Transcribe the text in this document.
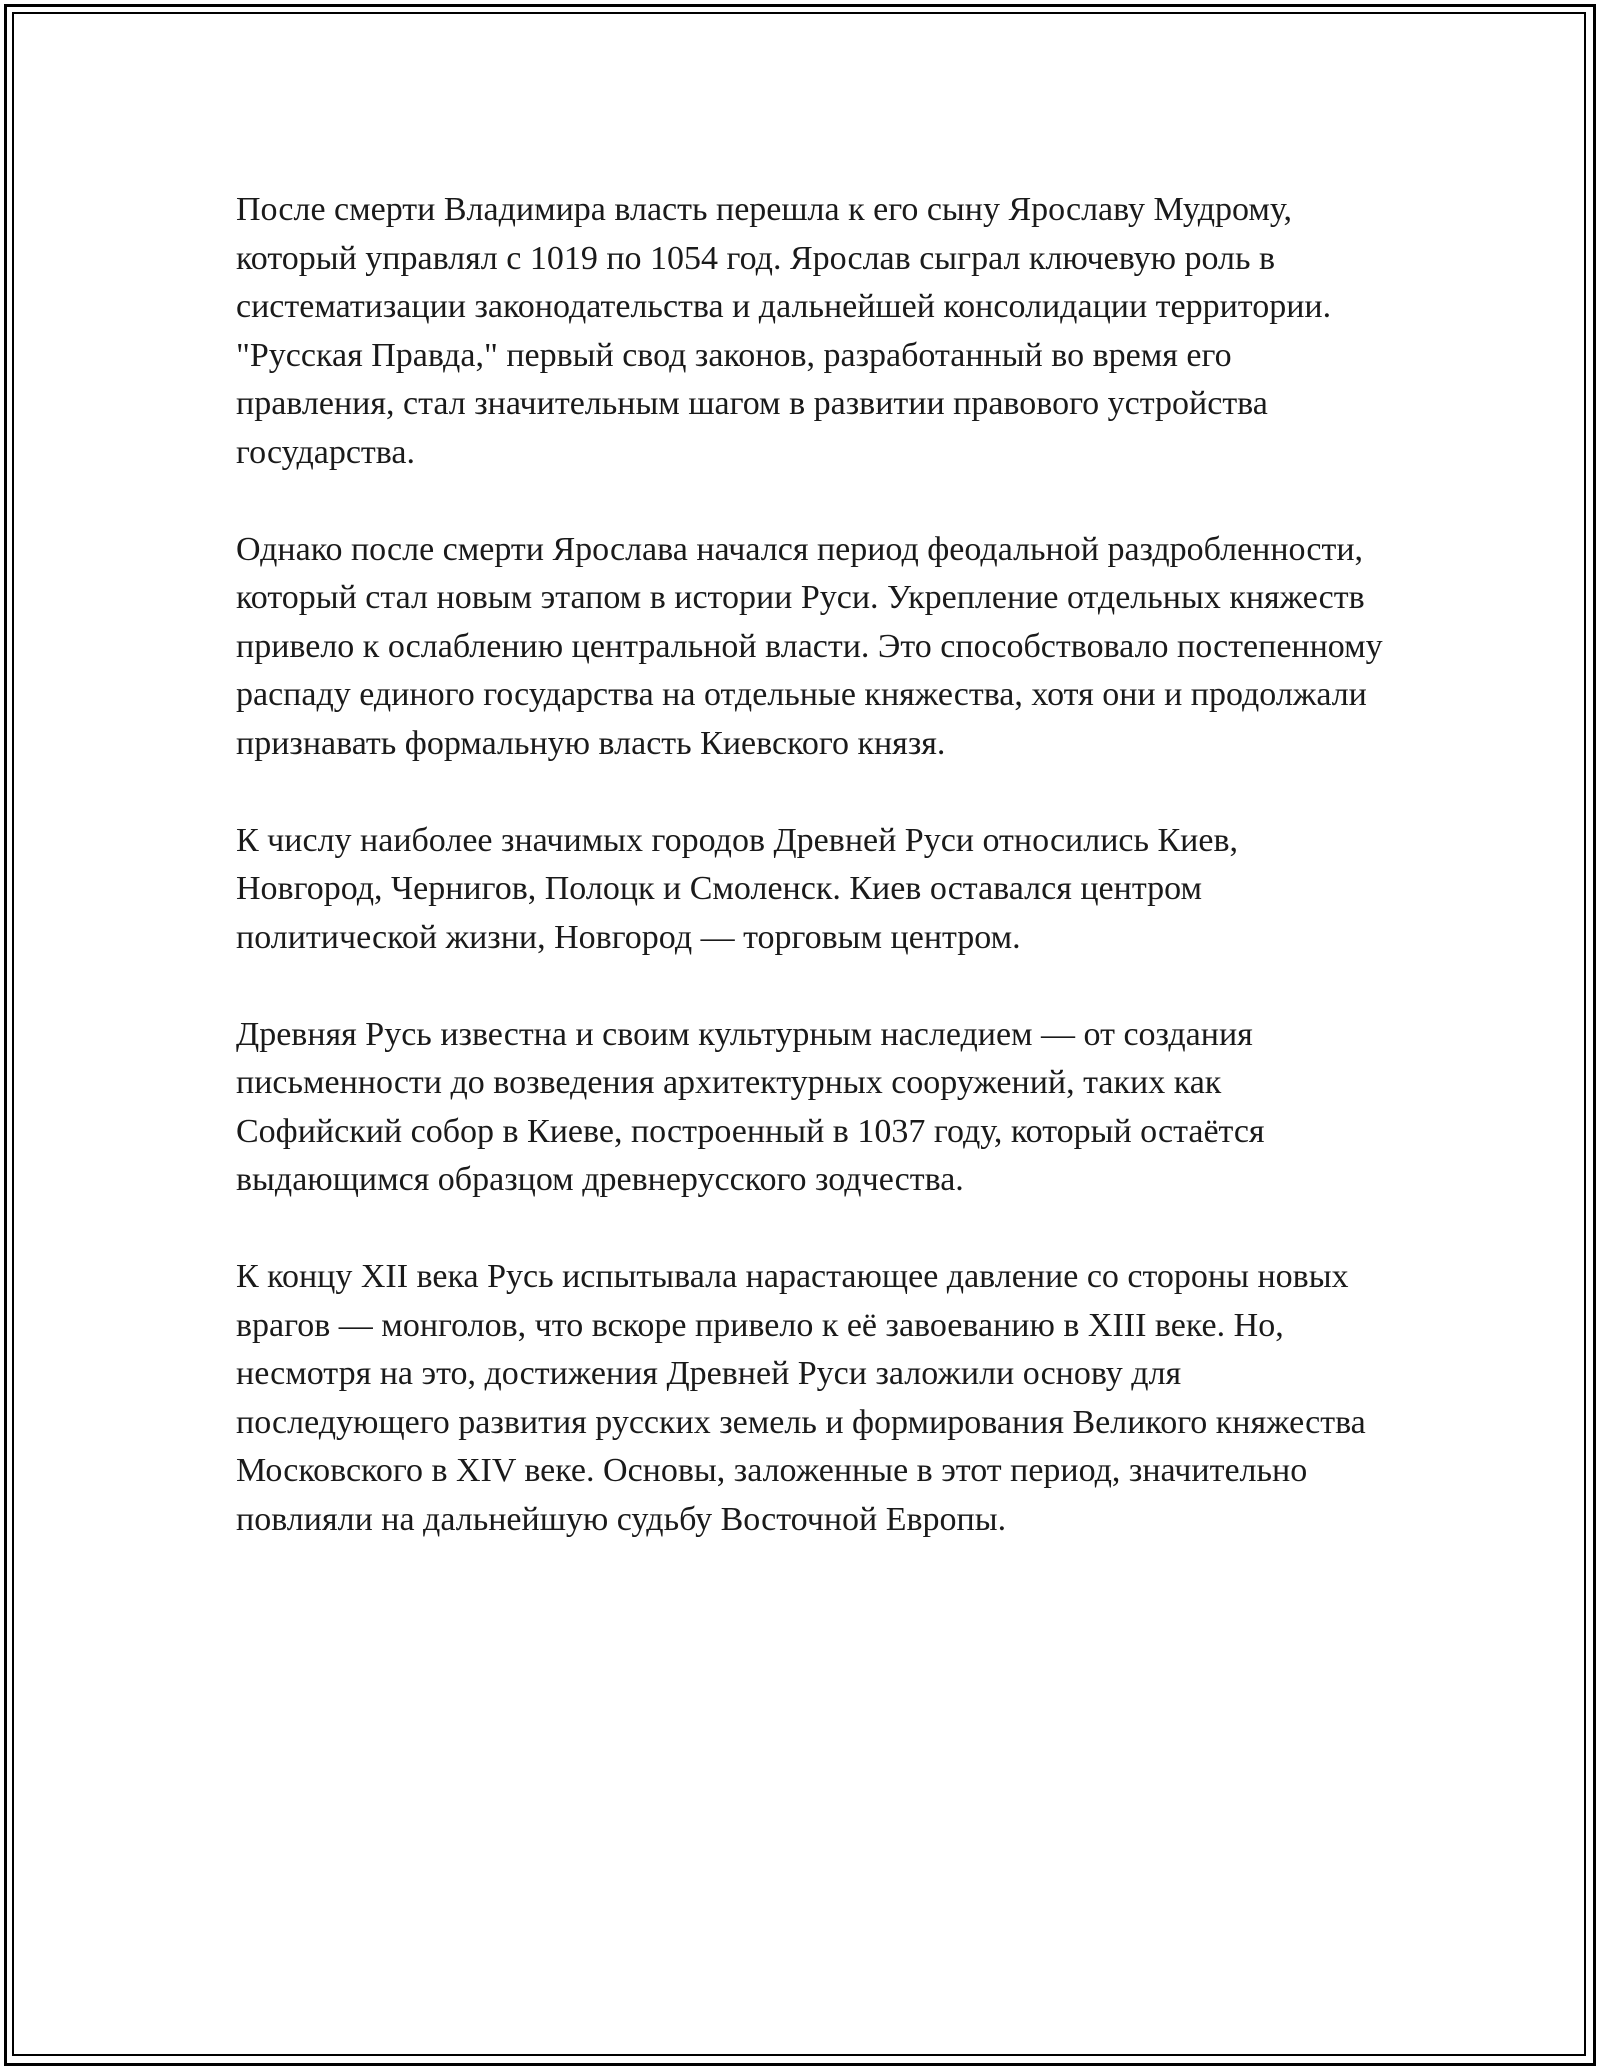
После смерти Владимира власть перешла к его сыну Ярославу Мудрому, который управлял с 1019 по 1054 год. Ярослав сыграл ключевую роль в систематизации законодательства и дальнейшей консолидации территории. "Русская Правда," первый свод законов, разработанный во время его правления, стал значительным шагом в развитии правового устройства государства.

Однако после смерти Ярослава начался период феодальной раздробленности, который стал новым этапом в истории Руси. Укрепление отдельных княжеств привело к ослаблению центральной власти. Это способствовало постепенному распаду единого государства на отдельные княжества, хотя они и продолжали признавать формальную власть Киевского князя.

К числу наиболее значимых городов Древней Руси относились Киев, Новгород, Чернигов, Полоцк и Смоленск. Киев оставался центром политической жизни, Новгород — торговым центром.

Древняя Русь известна и своим культурным наследием — от создания письменности до возведения архитектурных сооружений, таких как Софийский собор в Киеве, построенный в 1037 году, который остаётся выдающимся образцом древнерусского зодчества.

К концу XII века Русь испытывала нарастающее давление со стороны новых врагов — монголов, что вскоре привело к её завоеванию в XIII веке. Но, несмотря на это, достижения Древней Руси заложили основу для последующего развития русских земель и формирования Великого княжества Московского в XIV веке. Основы, заложенные в этот период, значительно повлияли на дальнейшую судьбу Восточной Европы.
